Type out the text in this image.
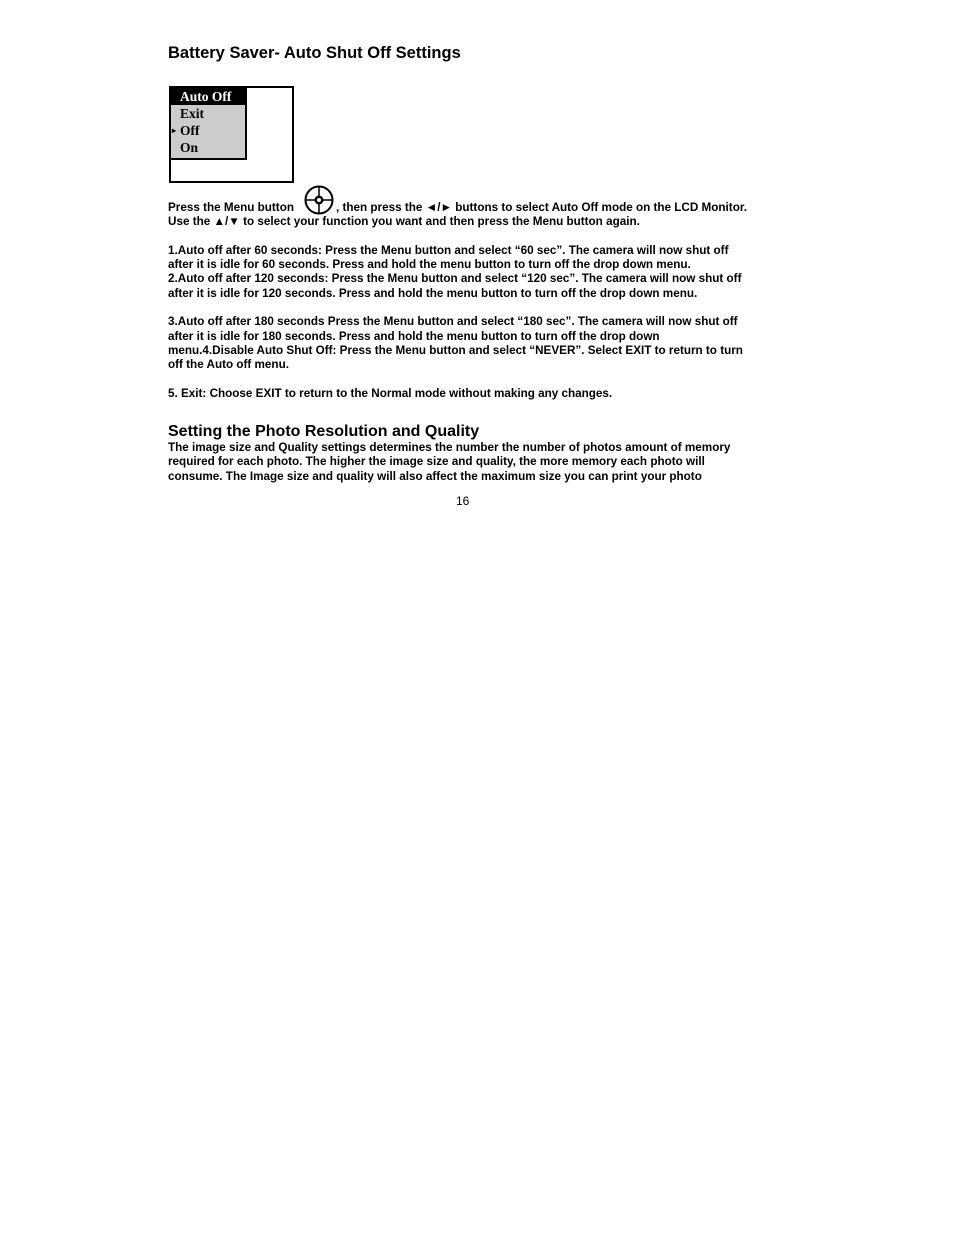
Battery Saver- Auto Shut Off Settings
Auto Off
Exit
▸ Off
On
Press the Menu button	, then press the ◄/► buttons to select Auto Off mode on the LCD Monitor.
Use the ▲/▼ to select your function you want and then press the Menu button again.
1.Auto off after 60 seconds: Press the Menu button and select “60 sec”. The camera will now shut off
after it is idle for 60 seconds. Press and hold the menu button to turn off the drop down menu.
2.Auto off after 120 seconds: Press the Menu button and select “120 sec”. The camera will now shut off
after it is idle for 120 seconds. Press and hold the menu button to turn off the drop down menu.
3.Auto off after 180 seconds Press the Menu button and select “180 sec”. The camera will now shut off
after it is idle for 180 seconds. Press and hold the menu button to turn off the drop down
menu.4.Disable Auto Shut Off: Press the Menu button and select “NEVER”. Select EXIT to return to turn
off the Auto off menu.
5. Exit: Choose EXIT to return to the Normal mode without making any changes.
Setting the Photo Resolution and Quality
The image size and Quality settings determines the number the number of photos amount of memory
required for each photo. The higher the image size and quality, the more memory each photo will
consume. The Image size and quality will also affect the maximum size you can print your photo
16
